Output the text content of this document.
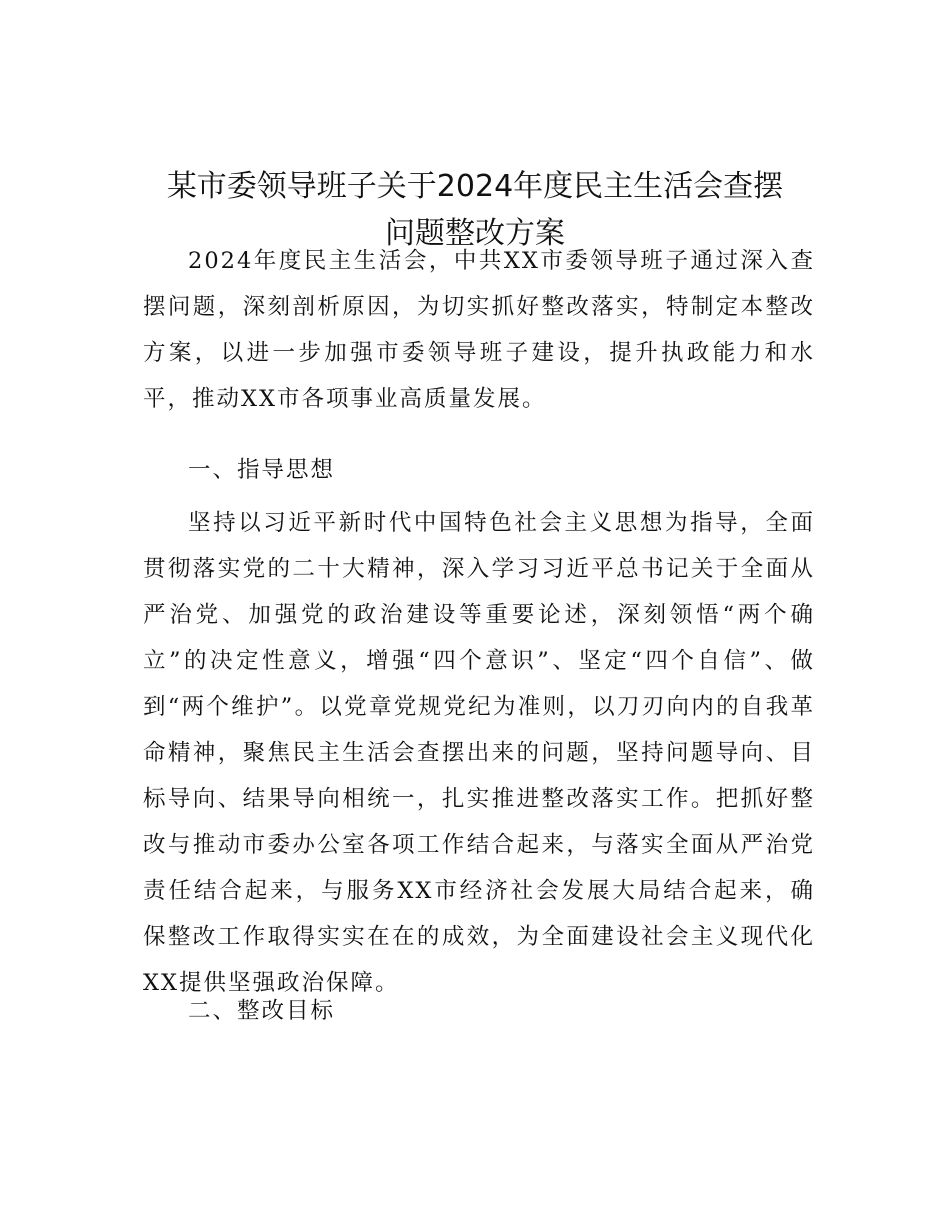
某市委领导班子关于2024年度民主生活会查摆
问题整改方案

2024年度民主生活会，中共XX市委领导班子通过深入查摆问题，深刻剖析原因，为切实抓好整改落实，特制定本整改方案，以进一步加强市委领导班子建设，提升执政能力和水平，推动XX市各项事业高质量发展。

一、指导思想

坚持以习近平新时代中国特色社会主义思想为指导，全面贯彻落实党的二十大精神，深入学习习近平总书记关于全面从严治党、加强党的政治建设等重要论述，深刻领悟“两个确立”的决定性意义，增强“四个意识”、坚定“四个自信”、做到“两个维护”。以党章党规党纪为准则，以刀刃向内的自我革命精神，聚焦民主生活会查摆出来的问题，坚持问题导向、目标导向、结果导向相统一，扎实推进整改落实工作。把抓好整改与推动市委办公室各项工作结合起来，与落实全面从严治党责任结合起来，与服务XX市经济社会发展大局结合起来，确保整改工作取得实实在在的成效，为全面建设社会主义现代化XX提供坚强政治保障。

二、整改目标
